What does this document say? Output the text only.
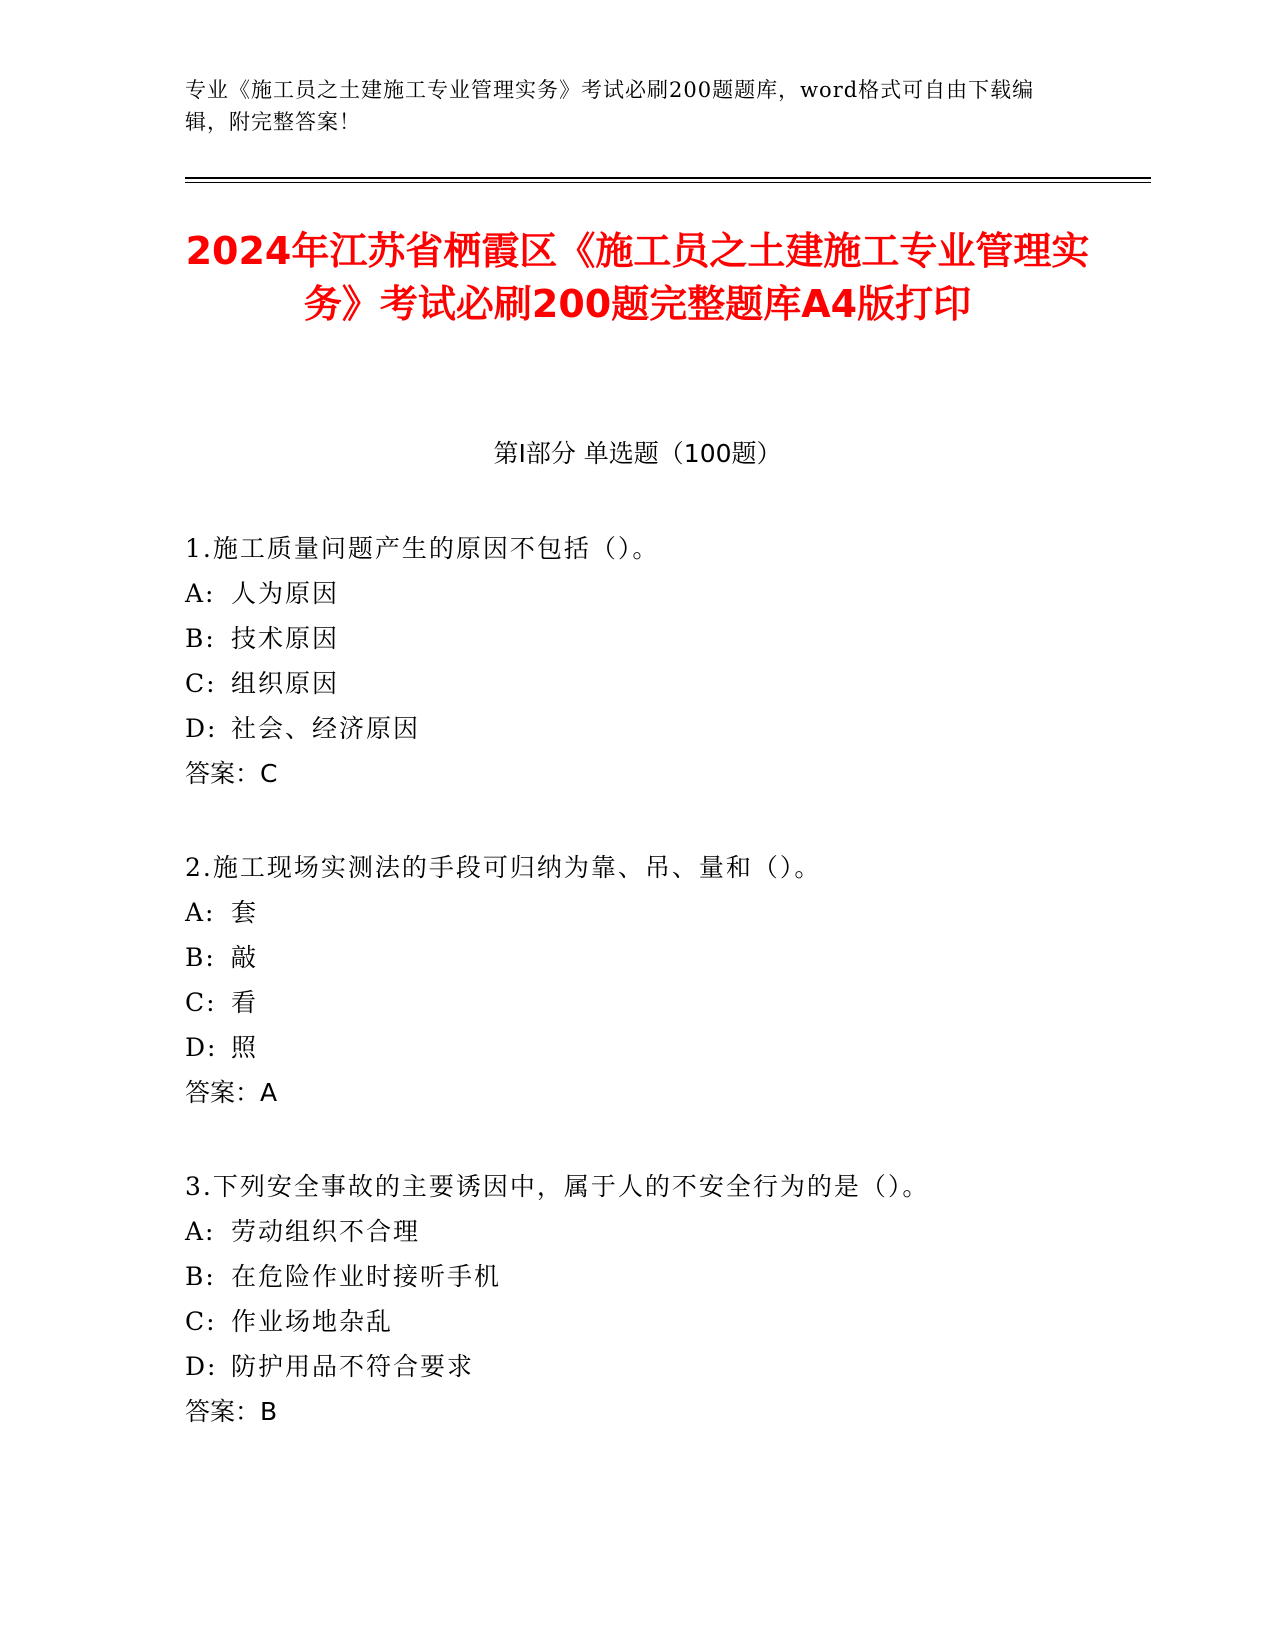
专业《施工员之土建施工专业管理实务》考试必刷200题题库，word格式可自由下载编辑，附完整答案！
2024年江苏省栖霞区《施工员之土建施工专业管理实务》考试必刷200题完整题库A4版打印
第Ⅰ部分 单选题（100题）
1.施工质量问题产生的原因不包括（）。
A: 人为原因
B: 技术原因
C: 组织原因
D: 社会、经济原因
答案：C
2.施工现场实测法的手段可归纳为靠、吊、量和（）。
A: 套
B: 敲
C: 看
D: 照
答案：A
3.下列安全事故的主要诱因中，属于人的不安全行为的是（）。
A: 劳动组织不合理
B: 在危险作业时接听手机
C: 作业场地杂乱
D: 防护用品不符合要求
答案：B
